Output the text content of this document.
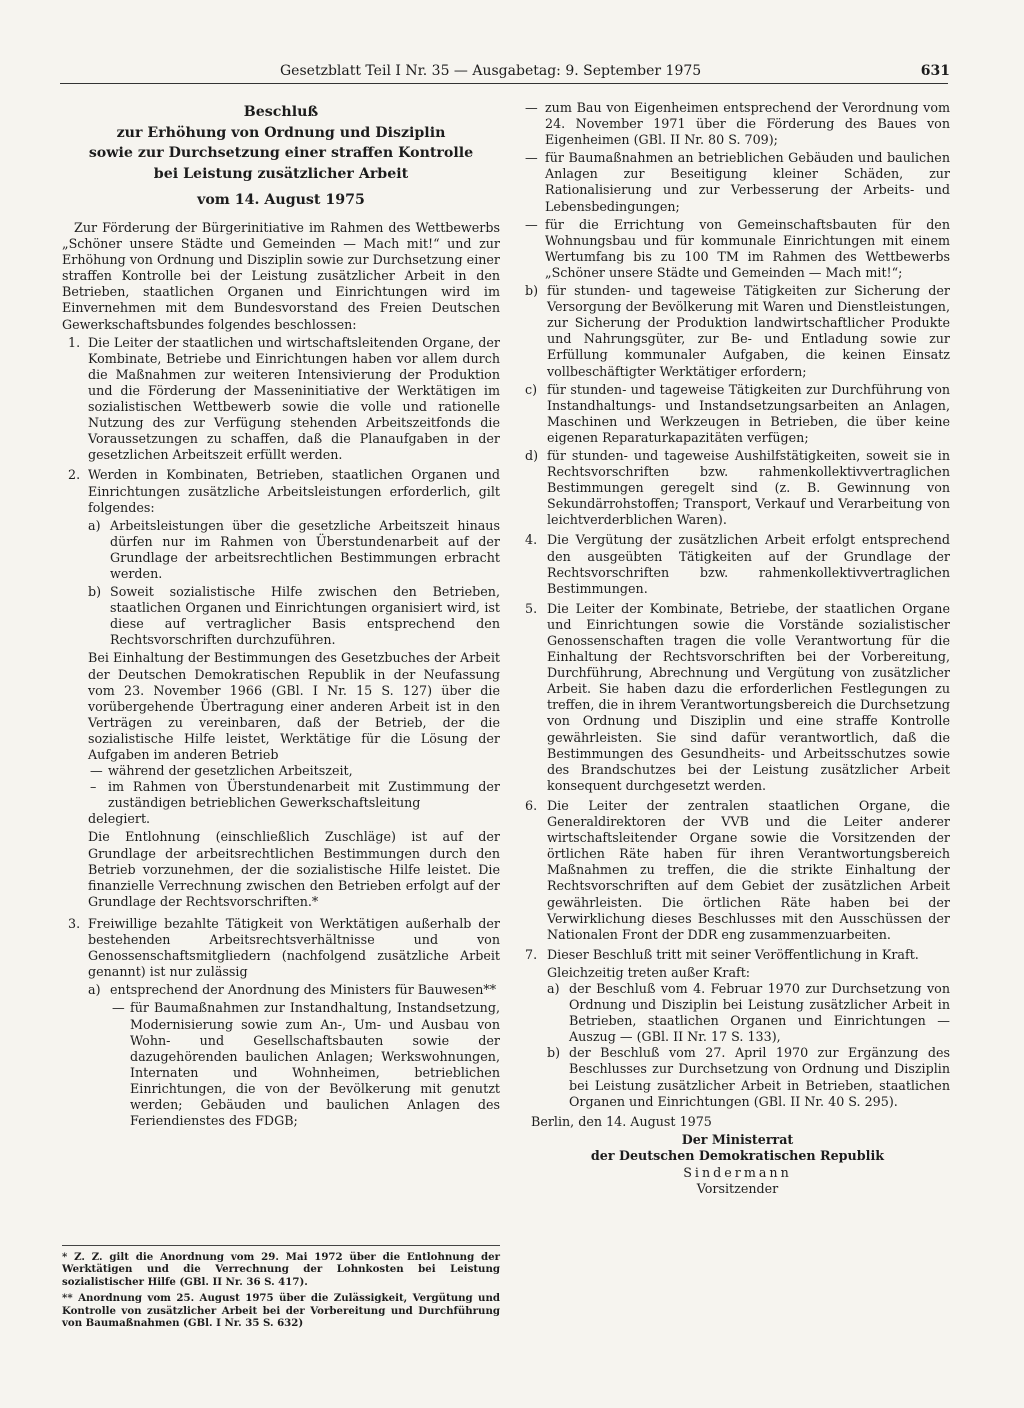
Gesetzblatt Teil I Nr. 35 — Ausgabetag: 9. September 1975	631
Beschluß
zur Erhöhung von Ordnung und Disziplin
sowie zur Durchsetzung einer straffen Kontrolle
bei Leistung zusätzlicher Arbeit
vom 14. August 1975

Zur Förderung der Bürgerinitiative im Rahmen des Wettbewerbs „Schöner unsere Städte und Gemeinden — Mach mit!“ und zur Erhöhung von Ordnung und Disziplin sowie zur Durchsetzung einer straffen Kontrolle bei der Leistung zusätzlicher Arbeit in den Betrieben, staatlichen Organen und Einrichtungen wird im Einvernehmen mit dem Bundesvorstand des Freien Deutschen Gewerkschaftsbundes folgendes beschlossen:

1. Die Leiter der staatlichen und wirtschaftsleitenden Organe, der Kombinate, Betriebe und Einrichtungen haben vor allem durch die Maßnahmen zur weiteren Intensivierung der Produktion und die Förderung der Masseninitiative der Werktätigen im sozialistischen Wettbewerb sowie die volle und rationelle Nutzung des zur Verfügung stehenden Arbeitszeitfonds die Voraussetzungen zu schaffen, daß die Planaufgaben in der gesetzlichen Arbeitszeit erfüllt werden.
2. Werden in Kombinaten, Betrieben, staatlichen Organen und Einrichtungen zusätzliche Arbeitsleistungen erforderlich, gilt folgendes:
a) Arbeitsleistungen über die gesetzliche Arbeitszeit hinaus dürfen nur im Rahmen von Überstundenarbeit auf der Grundlage der arbeitsrechtlichen Bestimmungen erbracht werden.
b) Soweit sozialistische Hilfe zwischen den Betrieben, staatlichen Organen und Einrichtungen organisiert wird, ist diese auf vertraglicher Basis entsprechend den Rechtsvorschriften durchzuführen.

Bei Einhaltung der Bestimmungen des Gesetzbuches der Arbeit der Deutschen Demokratischen Republik in der Neufassung vom 23. November 1966 (GBl. I Nr. 15 S. 127) über die vorübergehende Übertragung einer anderen Arbeit ist in den Verträgen zu vereinbaren, daß der Betrieb, der die sozialistische Hilfe leistet, Werktätige für die Lösung der Aufgaben im anderen Betrieb

— während der gesetzlichen Arbeitszeit,
– im Rahmen von Überstundenarbeit mit Zustimmung der zuständigen betrieblichen Gewerkschaftsleitung

delegiert.

Die Entlohnung (einschließlich Zuschläge) ist auf der Grundlage der arbeitsrechtlichen Bestimmungen durch den Betrieb vorzunehmen, der die sozialistische Hilfe leistet. Die finanzielle Verrechnung zwischen den Betrieben erfolgt auf der Grundlage der Rechtsvorschriften.*

3. Freiwillige bezahlte Tätigkeit von Werktätigen außerhalb der bestehenden Arbeitsrechtsverhältnisse und von Genossenschaftsmitgliedern (nachfolgend zusätzliche Arbeit genannt) ist nur zulässig
a) entsprechend der Anordnung des Ministers für Bauwesen**
— für Baumaßnahmen zur Instandhaltung, Instandsetzung, Modernisierung sowie zum An-, Um- und Ausbau von Wohn- und Gesellschaftsbauten sowie der dazugehörenden baulichen Anlagen; Werkswohnungen, Internaten und Wohnheimen, betrieblichen Einrichtungen, die von der Bevölkerung mit genutzt werden; Gebäuden und baulichen Anlagen des Feriendienstes des FDGB;

* Z. Z. gilt die Anordnung vom 29. Mai 1972 über die Entlohnung der Werktätigen und die Verrechnung der Lohnkosten bei Leistung sozialistischer Hilfe (GBl. II Nr. 36 S. 417).

** Anordnung vom 25. August 1975 über die Zulässigkeit, Vergütung und Kontrolle von zusätzlicher Arbeit bei der Vorbereitung und Durchführung von Baumaßnahmen (GBl. I Nr. 35 S. 632)

— zum Bau von Eigenheimen entsprechend der Verordnung vom 24. November 1971 über die Förderung des Baues von Eigenheimen (GBl. II Nr. 80 S. 709);
— für Baumaßnahmen an betrieblichen Gebäuden und baulichen Anlagen zur Beseitigung kleiner Schäden, zur Rationalisierung und zur Verbesserung der Arbeits- und Lebensbedingungen;
— für die Errichtung von Gemeinschaftsbauten für den Wohnungsbau und für kommunale Einrichtungen mit einem Wertumfang bis zu 100 TM im Rahmen des Wettbewerbs „Schöner unsere Städte und Gemeinden — Mach mit!“;
b) für stunden- und tageweise Tätigkeiten zur Sicherung der Versorgung der Bevölkerung mit Waren und Dienstleistungen, zur Sicherung der Produktion landwirtschaftlicher Produkte und Nahrungsgüter, zur Be- und Entladung sowie zur Erfüllung kommunaler Aufgaben, die keinen Einsatz vollbeschäftigter Werktätiger erfordern;
c) für stunden- und tageweise Tätigkeiten zur Durchführung von Instandhaltungs- und Instandsetzungsarbeiten an Anlagen, Maschinen und Werkzeugen in Betrieben, die über keine eigenen Reparaturkapazitäten verfügen;
d) für stunden- und tageweise Aushilfstätigkeiten, soweit sie in Rechtsvorschriften bzw. rahmenkollektivvertraglichen Bestimmungen geregelt sind (z. B. Gewinnung von Sekundärrohstoffen; Transport, Verkauf und Verarbeitung von leichtverderblichen Waren).
4. Die Vergütung der zusätzlichen Arbeit erfolgt entsprechend den ausgeübten Tätigkeiten auf der Grundlage der Rechtsvorschriften bzw. rahmenkollektivvertraglichen Bestimmungen.
5. Die Leiter der Kombinate, Betriebe, der staatlichen Organe und Einrichtungen sowie die Vorstände sozialistischer Genossenschaften tragen die volle Verantwortung für die Einhaltung der Rechtsvorschriften bei der Vorbereitung, Durchführung, Abrechnung und Vergütung von zusätzlicher Arbeit. Sie haben dazu die erforderlichen Festlegungen zu treffen, die in ihrem Verantwortungsbereich die Durchsetzung von Ordnung und Disziplin und eine straffe Kontrolle gewährleisten. Sie sind dafür verantwortlich, daß die Bestimmungen des Gesundheits- und Arbeitsschutzes sowie des Brandschutzes bei der Leistung zusätzlicher Arbeit konsequent durchgesetzt werden.
6. Die Leiter der zentralen staatlichen Organe, die Generaldirektoren der VVB und die Leiter anderer wirtschaftsleitender Organe sowie die Vorsitzenden der örtlichen Räte haben für ihren Verantwortungsbereich Maßnahmen zu treffen, die die strikte Einhaltung der Rechtsvorschriften auf dem Gebiet der zusätzlichen Arbeit gewährleisten. Die örtlichen Räte haben bei der Verwirklichung dieses Beschlusses mit den Ausschüssen der Nationalen Front der DDR eng zusammenzuarbeiten.
7. Dieser Beschluß tritt mit seiner Veröffentlichung in Kraft.
Gleichzeitig treten außer Kraft:
a) der Beschluß vom 4. Februar 1970 zur Durchsetzung von Ordnung und Disziplin bei Leistung zusätzlicher Arbeit in Betrieben, staatlichen Organen und Einrichtungen — Auszug — (GBl. II Nr. 17 S. 133),
b) der Beschluß vom 27. April 1970 zur Ergänzung des Beschlusses zur Durchsetzung von Ordnung und Disziplin bei Leistung zusätzlicher Arbeit in Betrieben, staatlichen Organen und Einrichtungen (GBl. II Nr. 40 S. 295).
Berlin, den 14. August 1975
Der Ministerrat
der Deutschen Demokratischen Republik
Sindermann
Vorsitzender
